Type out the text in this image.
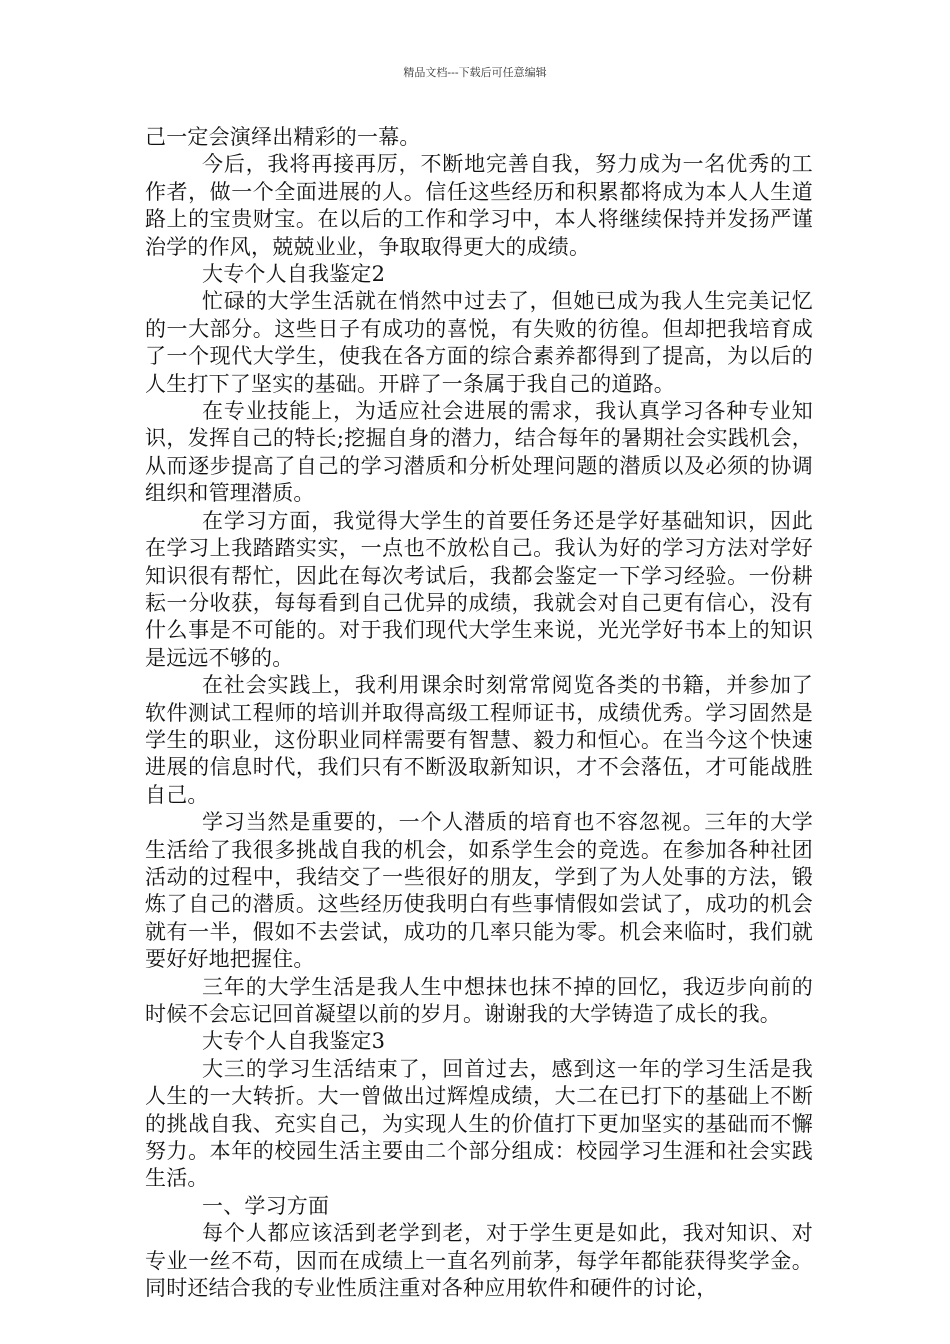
精品文档---下载后可任意编辑

己一定会演绎出精彩的一幕。

今后，我将再接再厉，不断地完善自我，努力成为一名优秀的工作者，做一个全面进展的人。信任这些经历和积累都将成为本人人生道路上的宝贵财宝。在以后的工作和学习中，本人将继续保持并发扬严谨治学的作风，兢兢业业，争取取得更大的成绩。

大专个人自我鉴定2

忙碌的大学生活就在悄然中过去了，但她已成为我人生完美记忆的一大部分。这些日子有成功的喜悦，有失败的彷徨。但却把我培育成了一个现代大学生，使我在各方面的综合素养都得到了提高，为以后的人生打下了坚实的基础。开辟了一条属于我自己的道路。

在专业技能上，为适应社会进展的需求，我认真学习各种专业知识，发挥自己的特长;挖掘自身的潜力，结合每年的暑期社会实践机会，从而逐步提高了自己的学习潜质和分析处理问题的潜质以及必须的协调组织和管理潜质。

在学习方面，我觉得大学生的首要任务还是学好基础知识，因此在学习上我踏踏实实，一点也不放松自己。我认为好的学习方法对学好知识很有帮忙，因此在每次考试后，我都会鉴定一下学习经验。一份耕耘一分收获，每每看到自己优异的成绩，我就会对自己更有信心，没有什么事是不可能的。对于我们现代大学生来说，光光学好书本上的知识是远远不够的。

在社会实践上，我利用课余时刻常常阅览各类的书籍，并参加了软件测试工程师的培训并取得高级工程师证书，成绩优秀。学习固然是学生的职业，这份职业同样需要有智慧、毅力和恒心。在当今这个快速进展的信息时代，我们只有不断汲取新知识，才不会落伍，才可能战胜自己。

学习当然是重要的，一个人潜质的培育也不容忽视。三年的大学生活给了我很多挑战自我的机会，如系学生会的竞选。在参加各种社团活动的过程中，我结交了一些很好的朋友，学到了为人处事的方法，锻炼了自己的潜质。这些经历使我明白有些事情假如尝试了，成功的机会就有一半，假如不去尝试，成功的几率只能为零。机会来临时，我们就要好好地把握住。

三年的大学生活是我人生中想抹也抹不掉的回忆，我迈步向前的时候不会忘记回首凝望以前的岁月。谢谢我的大学铸造了成长的我。

大专个人自我鉴定3

大三的学习生活结束了，回首过去，感到这一年的学习生活是我人生的一大转折。大一曾做出过辉煌成绩，大二在已打下的基础上不断的挑战自我、充实自己，为实现人生的价值打下更加坚实的基础而不懈努力。本年的校园生活主要由二个部分组成：校园学习生涯和社会实践生活。

一、学习方面

每个人都应该活到老学到老，对于学生更是如此，我对知识、对专业一丝不苟，因而在成绩上一直名列前茅，每学年都能获得奖学金。同时还结合我的专业性质注重对各种应用软件和硬件的讨论，
